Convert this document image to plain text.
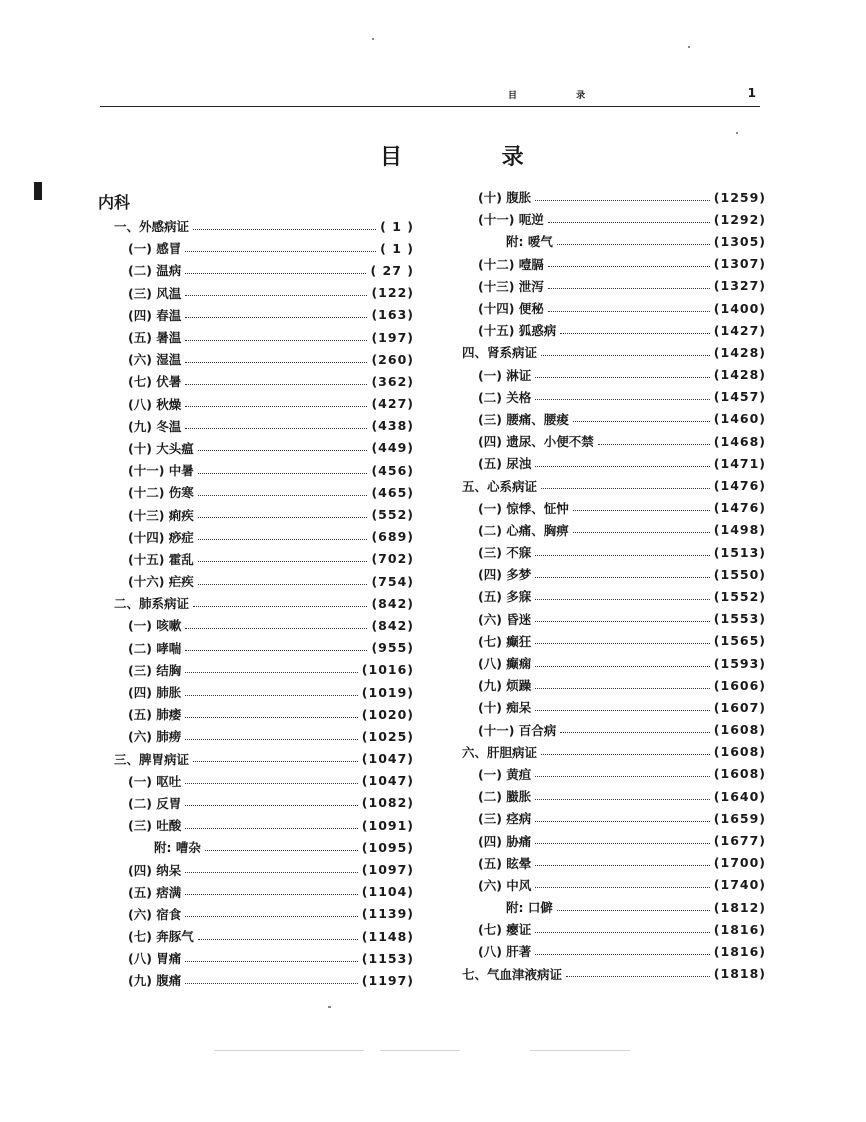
目 录	1
目 录
内科
一、外感病证	( 1 )
(一) 感冒	( 1 )
(二) 温病	( 27 )
(三) 风温	(122)
(四) 春温	(163)
(五) 暑温	(197)
(六) 湿温	(260)
(七) 伏暑	(362)
(八) 秋燥	(427)
(九) 冬温	(438)
(十) 大头瘟	(449)
(十一) 中暑	(456)
(十二) 伤寒	(465)
(十三) 痢疾	(552)
(十四) 痧症	(689)
(十五) 霍乱	(702)
(十六) 疟疾	(754)
二、肺系病证	(842)
(一) 咳嗽	(842)
(二) 哮喘	(955)
(三) 结胸	(1016)
(四) 肺胀	(1019)
(五) 肺痿	(1020)
(六) 肺痨	(1025)
三、脾胃病证	(1047)
(一) 呕吐	(1047)
(二) 反胃	(1082)
(三) 吐酸	(1091)
附: 嘈杂	(1095)
(四) 纳呆	(1097)
(五) 痞满	(1104)
(六) 宿食	(1139)
(七) 奔豚气	(1148)
(八) 胃痛	(1153)
(九) 腹痛	(1197)
(十) 腹胀	(1259)
(十一) 呃逆	(1292)
附: 嗳气	(1305)
(十二) 噎膈	(1307)
(十三) 泄泻	(1327)
(十四) 便秘	(1400)
(十五) 狐惑病	(1427)
四、肾系病证	(1428)
(一) 淋证	(1428)
(二) 关格	(1457)
(三) 腰痛、腰痠	(1460)
(四) 遗尿、小便不禁	(1468)
(五) 尿浊	(1471)
五、心系病证	(1476)
(一) 惊悸、怔忡	(1476)
(二) 心痛、胸痹	(1498)
(三) 不寐	(1513)
(四) 多梦	(1550)
(五) 多寐	(1552)
(六) 昏迷	(1553)
(七) 癫狂	(1565)
(八) 癫痫	(1593)
(九) 烦躁	(1606)
(十) 痴呆	(1607)
(十一) 百合病	(1608)
六、肝胆病证	(1608)
(一) 黄疸	(1608)
(二) 臌胀	(1640)
(三) 痉病	(1659)
(四) 胁痛	(1677)
(五) 眩晕	(1700)
(六) 中风	(1740)
附: 口僻	(1812)
(七) 瘿证	(1816)
(八) 肝著	(1816)
七、气血津液病证	(1818)
